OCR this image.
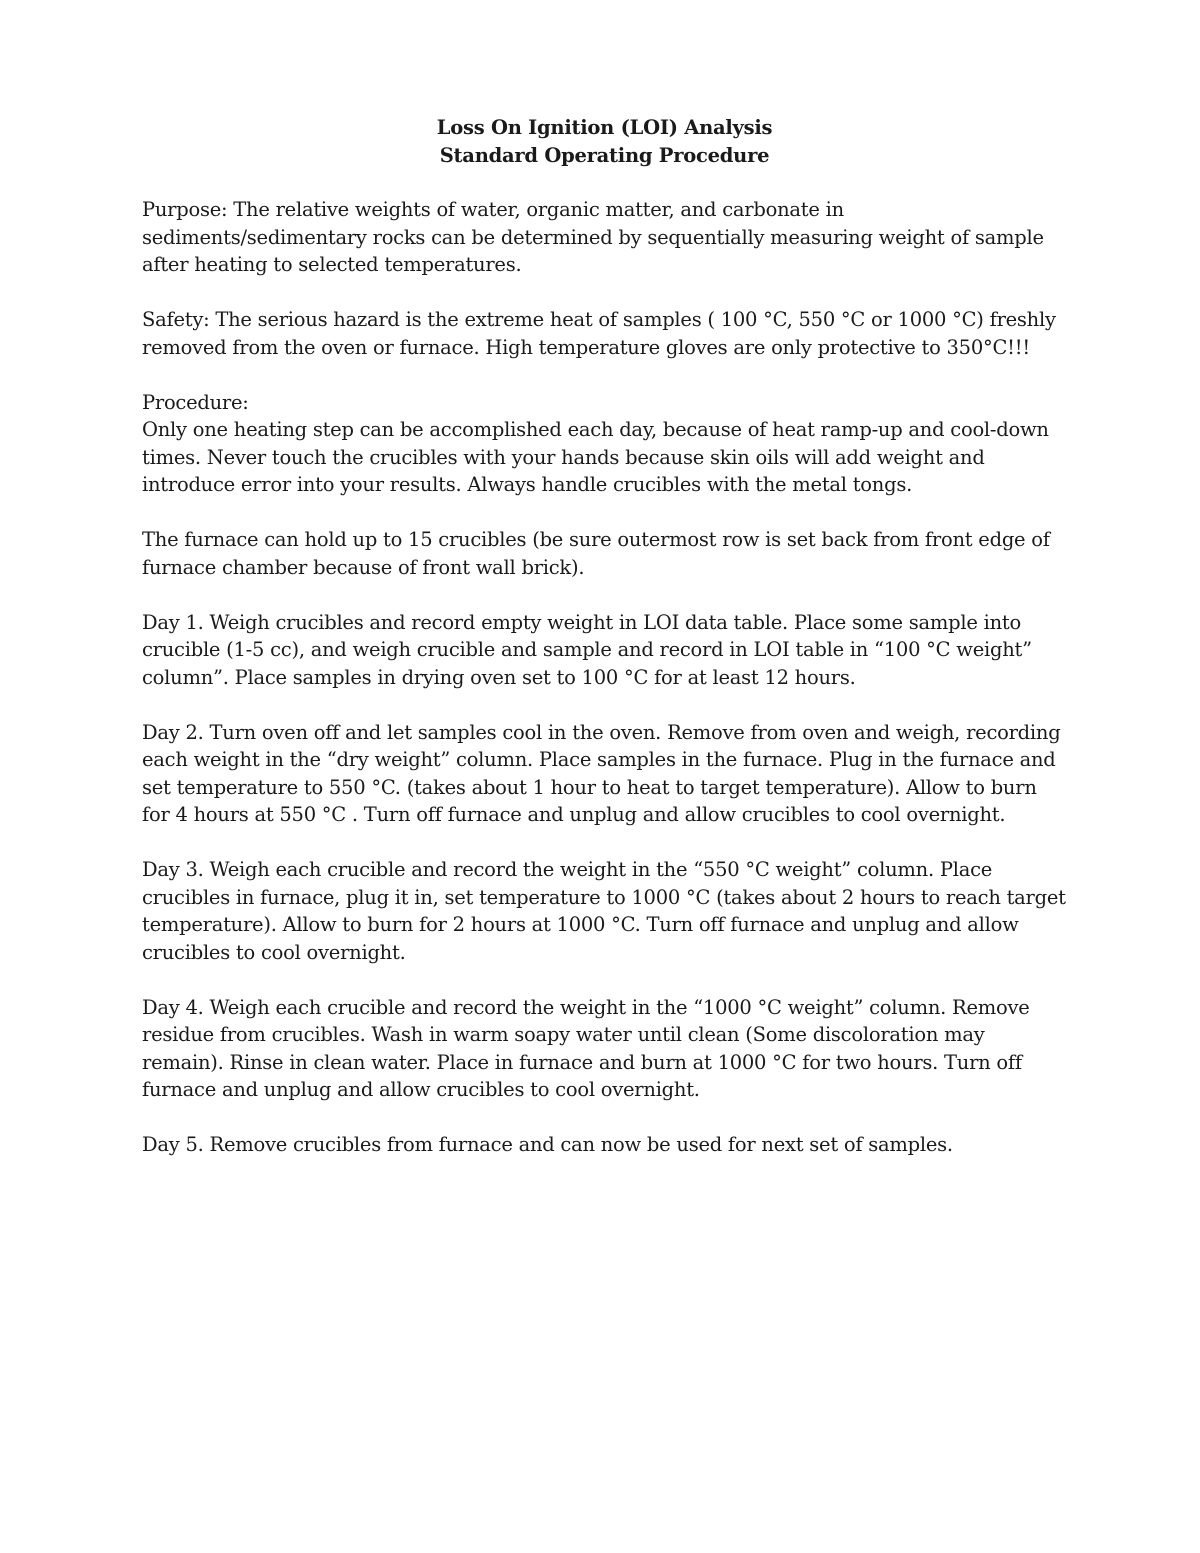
Loss On Ignition (LOI) Analysis
Standard Operating Procedure

Purpose: The relative weights of water, organic matter, and carbonate in sediments/sedimentary rocks can be determined by sequentially measuring weight of sample after heating to selected temperatures.

Safety: The serious hazard is the extreme heat of samples ( 100 °C, 550 °C or 1000 °C) freshly removed from the oven or furnace. High temperature gloves are only protective to 350°C!!!

Procedure:

Only one heating step can be accomplished each day, because of heat ramp-up and cool-down times. Never touch the crucibles with your hands because skin oils will add weight and introduce error into your results. Always handle crucibles with the metal tongs.

The furnace can hold up to 15 crucibles (be sure outermost row is set back from front edge of furnace chamber because of front wall brick).

Day 1. Weigh crucibles and record empty weight in LOI data table. Place some sample into crucible (1-5 cc), and weigh crucible and sample and record in LOI table in “100 °C weight” column”. Place samples in drying oven set to 100 °C for at least 12 hours.

Day 2. Turn oven off and let samples cool in the oven. Remove from oven and weigh, recording each weight in the “dry weight” column. Place samples in the furnace. Plug in the furnace and set temperature to 550 °C. (takes about 1 hour to heat to target temperature). Allow to burn for 4 hours at 550 °C . Turn off furnace and unplug and allow crucibles to cool overnight.

Day 3. Weigh each crucible and record the weight in the “550 °C weight” column. Place crucibles in furnace, plug it in, set temperature to 1000 °C (takes about 2 hours to reach target temperature). Allow to burn for 2 hours at 1000 °C. Turn off furnace and unplug and allow crucibles to cool overnight.

Day 4. Weigh each crucible and record the weight in the “1000 °C weight” column. Remove residue from crucibles. Wash in warm soapy water until clean (Some discoloration may remain). Rinse in clean water. Place in furnace and burn at 1000 °C for two hours. Turn off furnace and unplug and allow crucibles to cool overnight.

Day 5. Remove crucibles from furnace and can now be used for next set of samples.
